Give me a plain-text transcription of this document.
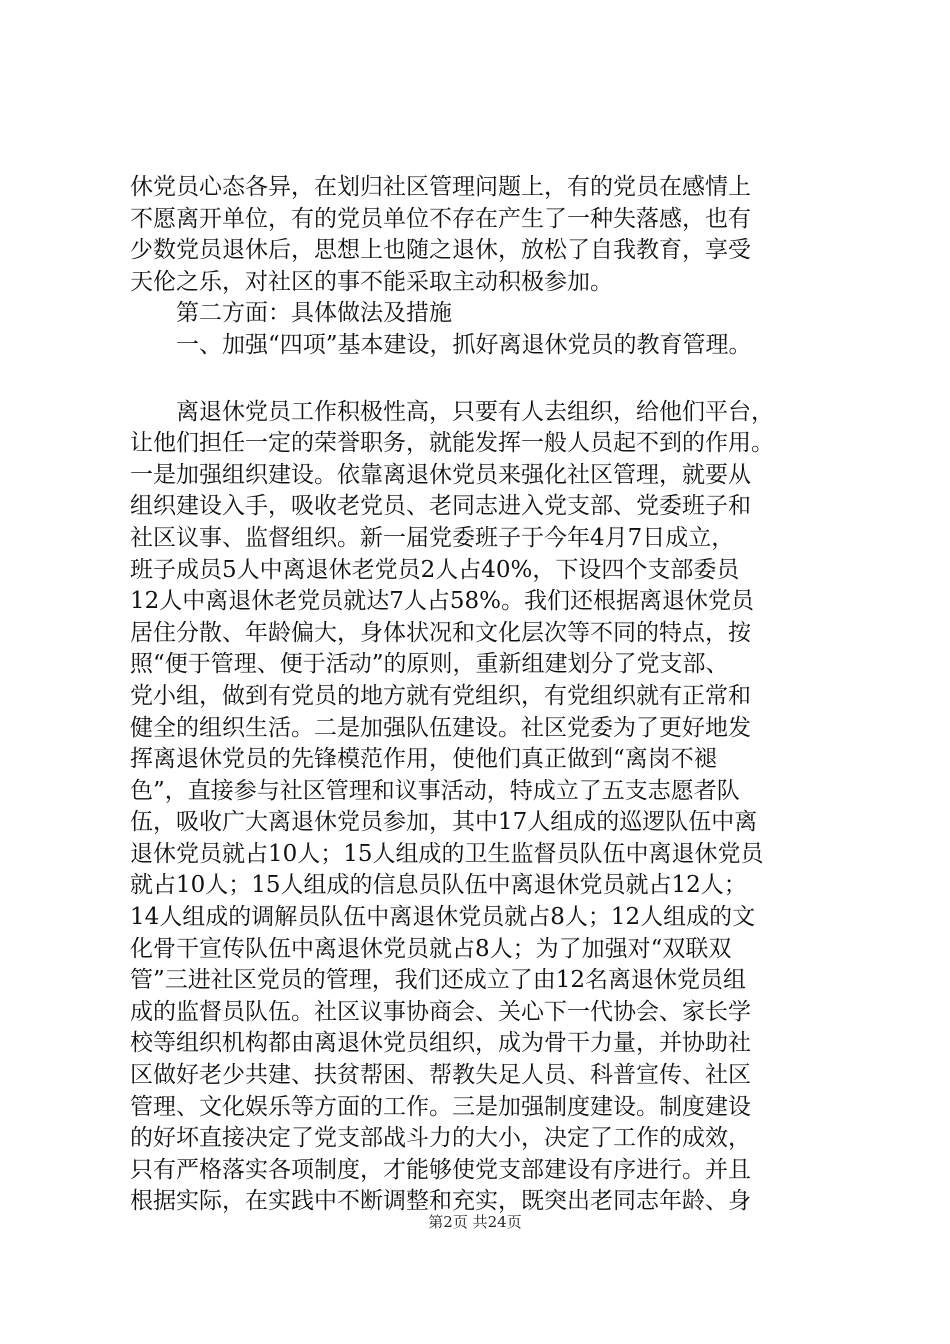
休党员心态各异，在划归社区管理问题上，有的党员在感情上
不愿离开单位，有的党员单位不存在产生了一种失落感，也有
少数党员退休后，思想上也随之退休，放松了自我教育，享受
天伦之乐，对社区的事不能采取主动积极参加。
第二方面：具体做法及措施
一、加强“四项”基本建设，抓好离退休党员的教育管理。
离退休党员工作积极性高，只要有人去组织，给他们平台，
让他们担任一定的荣誉职务，就能发挥一般人员起不到的作用。
一是加强组织建设。依靠离退休党员来强化社区管理，就要从
组织建设入手，吸收老党员、老同志进入党支部、党委班子和
社区议事、监督组织。新一届党委班子于今年4月7日成立，
班子成员5人中离退休老党员2人占40%，下设四个支部委员
12人中离退休老党员就达7人占58%。我们还根据离退休党员
居住分散、年龄偏大，身体状况和文化层次等不同的特点，按
照“便于管理、便于活动”的原则，重新组建划分了党支部、
党小组，做到有党员的地方就有党组织，有党组织就有正常和
健全的组织生活。二是加强队伍建设。社区党委为了更好地发
挥离退休党员的先锋模范作用，使他们真正做到“离岗不褪
色”，直接参与社区管理和议事活动，特成立了五支志愿者队
伍，吸收广大离退休党员参加，其中17人组成的巡逻队伍中离
退休党员就占10人；15人组成的卫生监督员队伍中离退休党员
就占10人；15人组成的信息员队伍中离退休党员就占12人；
14人组成的调解员队伍中离退休党员就占8人；12人组成的文
化骨干宣传队伍中离退休党员就占8人；为了加强对“双联双
管”三进社区党员的管理，我们还成立了由12名离退休党员组
成的监督员队伍。社区议事协商会、关心下一代协会、家长学
校等组织机构都由离退休党员组织，成为骨干力量，并协助社
区做好老少共建、扶贫帮困、帮教失足人员、科普宣传、社区
管理、文化娱乐等方面的工作。三是加强制度建设。制度建设
的好坏直接决定了党支部战斗力的大小，决定了工作的成效，
只有严格落实各项制度，才能够使党支部建设有序进行。并且
根据实际，在实践中不断调整和充实，既突出老同志年龄、身
第2页 共24页
